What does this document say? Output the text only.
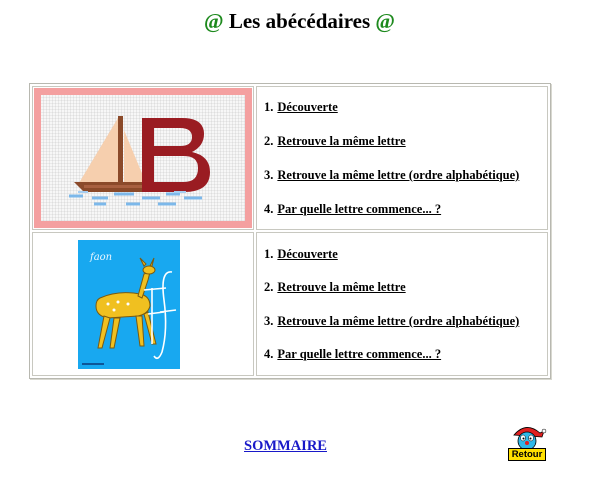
@ Les abécédaires @
1. Découverte
2. Retrouve la même lettre
3. Retrouve la même lettre (ordre alphabétique)
4. Par quelle lettre commence... ?
faon	1. Découverte
2. Retrouve la même lettre
3. Retrouve la même lettre (ordre alphabétique)
4. Par quelle lettre commence... ?
SOMMAIRE
Retour
